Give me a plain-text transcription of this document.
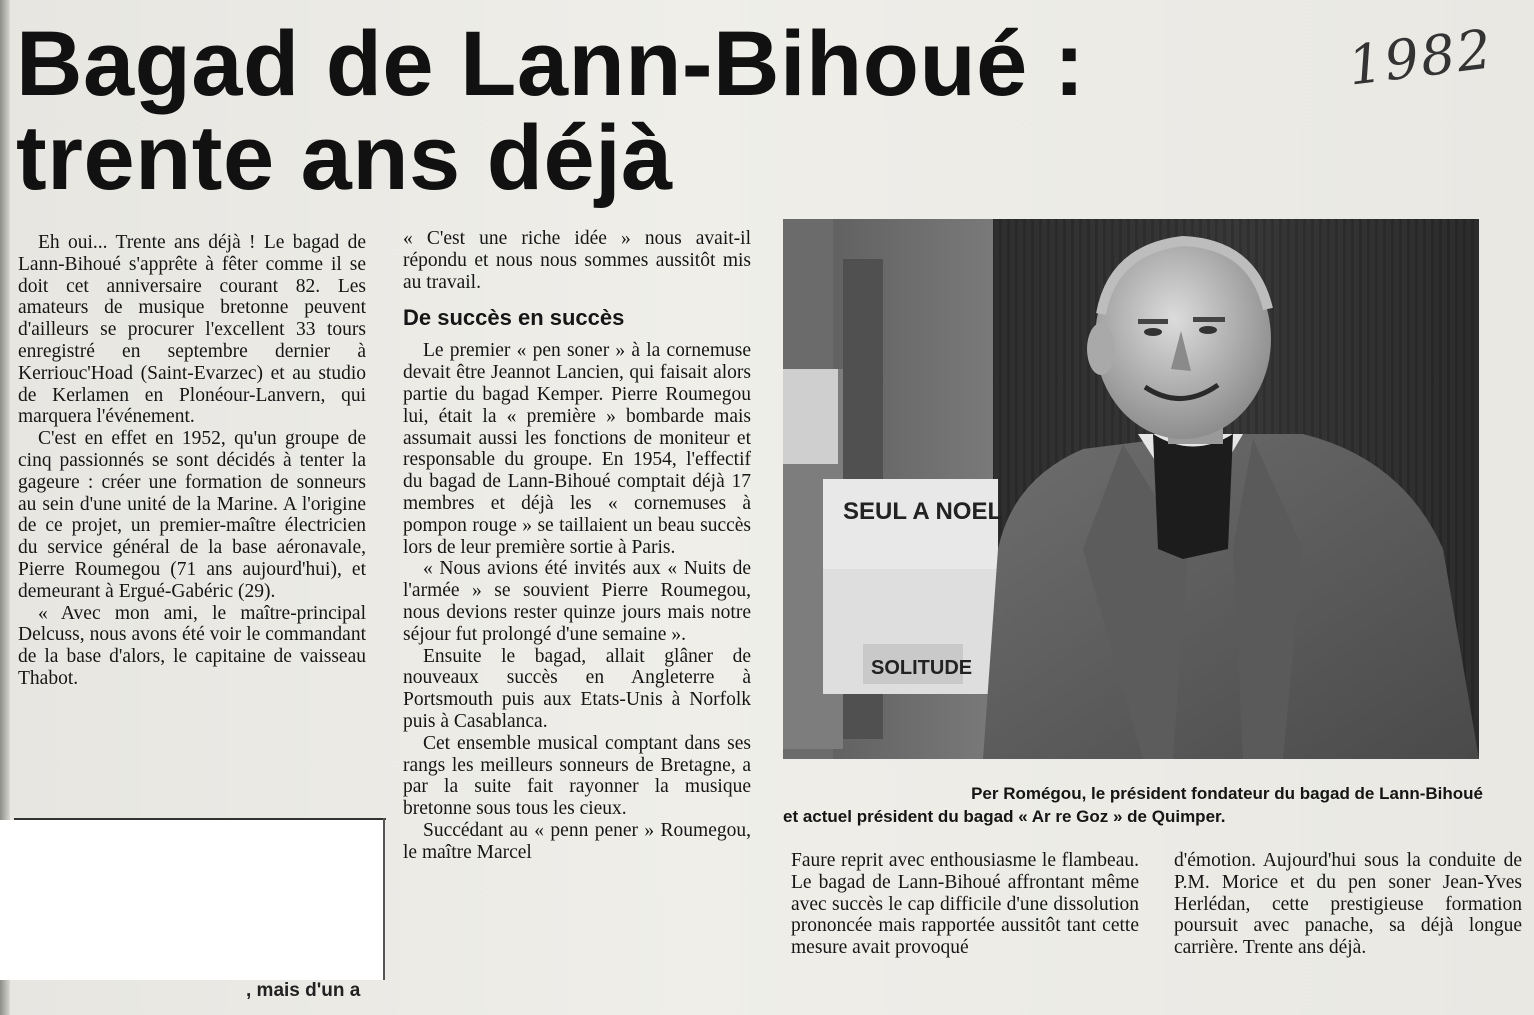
Bagad de Lann-Bihoué :
trente ans déjà
1982

Eh oui... Trente ans déjà ! Le bagad de Lann-Bihoué s'apprête à fêter comme il se doit cet anniversaire courant 82. Les amateurs de musique bretonne peuvent d'ailleurs se procurer l'excellent 33 tours enregistré en septembre dernier à Kerriouc'Hoad (Saint-Evarzec) et au studio de Kerlamen en Plonéour-Lanvern, qui marquera l'événement.

C'est en effet en 1952, qu'un groupe de cinq passionnés se sont décidés à tenter la gageure : créer une formation de sonneurs au sein d'une unité de la Marine. A l'origine de ce projet, un premier-maître électricien du service général de la base aéronavale, Pierre Roumegou (71 ans aujourd'hui), et demeurant à Ergué-Gabéric (29).

« Avec mon ami, le maître-principal Delcuss, nous avons été voir le commandant de la base d'alors, le capitaine de vaisseau Thabot.

« C'est une riche idée » nous avait-il répondu et nous nous sommes aussitôt mis au travail.

De succès en succès

Le premier « pen soner » à la cornemuse devait être Jeannot Lancien, qui faisait alors partie du bagad Kemper. Pierre Roumegou lui, était la « première » bombarde mais assumait aussi les fonctions de moniteur et responsable du groupe. En 1954, l'effectif du bagad de Lann-Bihoué comptait déjà 17 membres et déjà les « cornemuses à pompon rouge » se taillaient un beau succès lors de leur première sortie à Paris.

« Nous avions été invités aux « Nuits de l'armée » se souvient Pierre Roumegou, nous devions rester quinze jours mais notre séjour fut prolongé d'une semaine ».

Ensuite le bagad, allait glâner de nouveaux succès en Angleterre à Portsmouth puis aux Etats-Unis à Norfolk puis à Casablanca.

Cet ensemble musical comptant dans ses rangs les meilleurs sonneurs de Bretagne, a par la suite fait rayonner la musique bretonne sous tous les cieux.

Succédant au « penn pener » Roumegou, le maître Marcel

SEUL A NOEL
SOLITUDE

Per Romégou, le président fondateur du bagad de Lann-Bihoué
et actuel président du bagad « Ar re Goz » de Quimper.

Faure reprit avec enthousiasme le flambeau. Le bagad de Lann-Bihoué affrontant même avec succès le cap difficile d'une dissolution prononcée mais rapportée aussitôt tant cette mesure avait provoqué

d'émotion. Aujourd'hui sous la conduite de P.M. Morice et du pen soner Jean-Yves Herlédan, cette prestigieuse formation poursuit avec panache, sa déjà longue carrière. Trente ans déjà.

, mais d'un a
